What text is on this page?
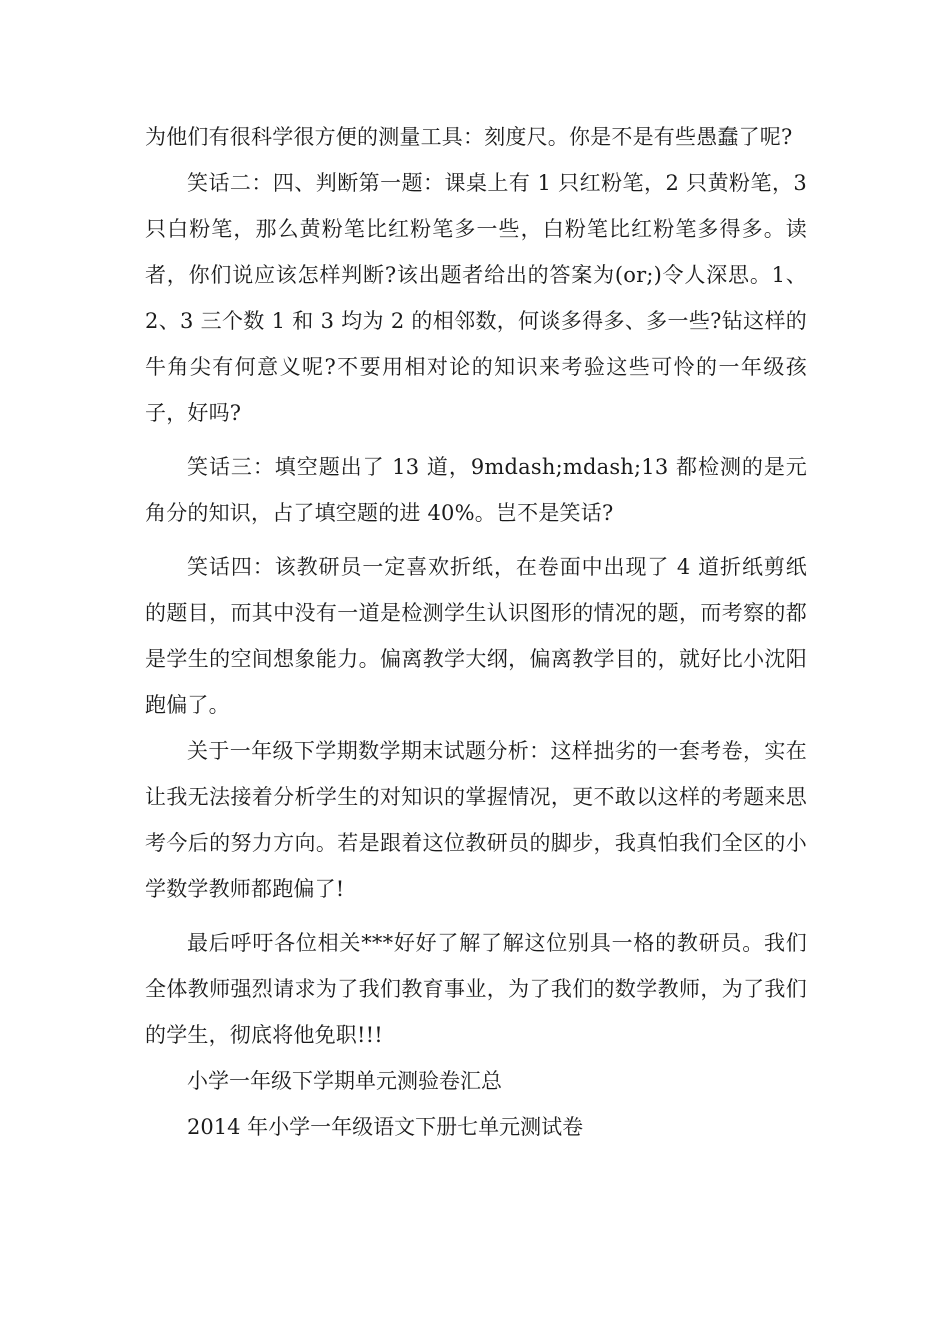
为他们有很科学很方便的测量工具：刻度尺。你是不是有些愚蠢了呢?

笑话二：四、判断第一题：课桌上有 1 只红粉笔，2 只黄粉笔，3 只白粉笔，那么黄粉笔比红粉笔多一些，白粉笔比红粉笔多得多。读者，你们说应该怎样判断?该出题者给出的答案为(or;)令人深思。1、2、3 三个数 1 和 3 均为 2 的相邻数，何谈多得多、多一些?钻这样的牛角尖有何意义呢?不要用相对论的知识来考验这些可怜的一年级孩子，好吗?

笑话三：填空题出了 13 道，9mdash;mdash;13 都检测的是元角分的知识，占了填空题的进 40%。岂不是笑话?

笑话四：该教研员一定喜欢折纸，在卷面中出现了 4 道折纸剪纸的题目，而其中没有一道是检测学生认识图形的情况的题，而考察的都是学生的空间想象能力。偏离教学大纲，偏离教学目的，就好比小沈阳跑偏了。

关于一年级下学期数学期末试题分析：这样拙劣的一套考卷，实在让我无法接着分析学生的对知识的掌握情况，更不敢以这样的考题来思考今后的努力方向。若是跟着这位教研员的脚步，我真怕我们全区的小学数学教师都跑偏了!

最后呼吁各位相关***好好了解了解这位别具一格的教研员。我们全体教师强烈请求为了我们教育事业，为了我们的数学教师，为了我们的学生，彻底将他免职!!!

小学一年级下学期单元测验卷汇总

2014 年小学一年级语文下册七单元测试卷
